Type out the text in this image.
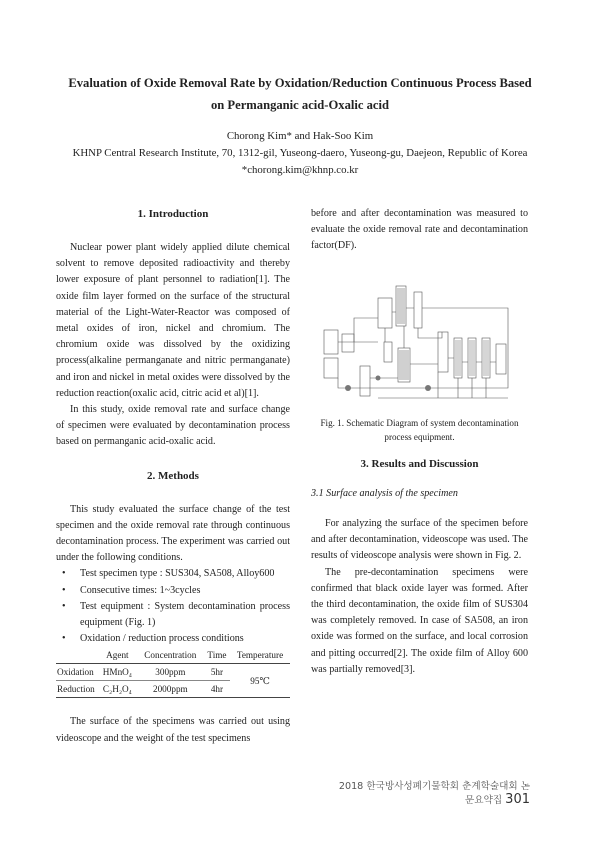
Evaluation of Oxide Removal Rate by Oxidation/Reduction Continuous Process Based
on Permanganic acid-Oxalic acid
Chorong Kim* and Hak-Soo Kim
KHNP Central Research Institute, 70, 1312-gil, Yuseong-daero, Yuseong-gu, Daejeon, Republic of Korea
*chorong.kim@khnp.co.kr
1. Introduction

Nuclear power plant widely applied dilute chemical solvent to remove deposited radioactivity and thereby lower exposure of plant personnel to radiation[1]. The oxide film layer formed on the surface of the structural material of the Light-Water-Reactor was composed of metal oxides of iron, nickel and chromium. The chromium oxide was dissolved by the oxidizing process(alkaline permanganate and nitric permanganate) and iron and nickel in metal oxides were dissolved by the reduction reaction(oxalic acid, citric acid et al)[1].

In this study, oxide removal rate and surface change of specimen were evaluated by decontamination process based on permanganic acid-oxalic acid.

2. Methods

This study evaluated the surface change of the test specimen and the oxide removal rate through continuous decontamination process. The experiment was carried out under the following conditions.

• Test specimen type : SUS304, SA508, Alloy600
• Consecutive times: 1~3cycles
• Test equipment : System decontamination process equipment (Fig. 1)
• Oxidation / reduction process conditions
	Agent	Concentration	Time	Temperature
Oxidation	HMnO₄	300ppm	5hr	95℃
Reduction	C₂H₂O₄	2000ppm	4hr	

The surface of the specimens was carried out using videoscope and the weight of the test specimens

before and after decontamination was measured to
evaluate the oxide removal rate and decontamination
factor(DF).
Fig. 1. Schematic Diagram of system decontamination process equipment.
3. Results and Discussion
3.1 Surface analysis of the specimen

For analyzing the surface of the specimen before and after decontamination, videoscope was used. The results of videoscope analysis were shown in Fig. 2.

The pre-decontamination specimens were confirmed that black oxide layer was formed. After the third decontamination, the oxide film of SUS304 was completely removed. In case of SA508, an iron oxide was formed on the surface, and local corrosion and pitting occurred[2]. The oxide film of Alloy 600 was partially removed[3].

2018 한국방사성폐기물학회 춘계학술대회 논문요약집 301
